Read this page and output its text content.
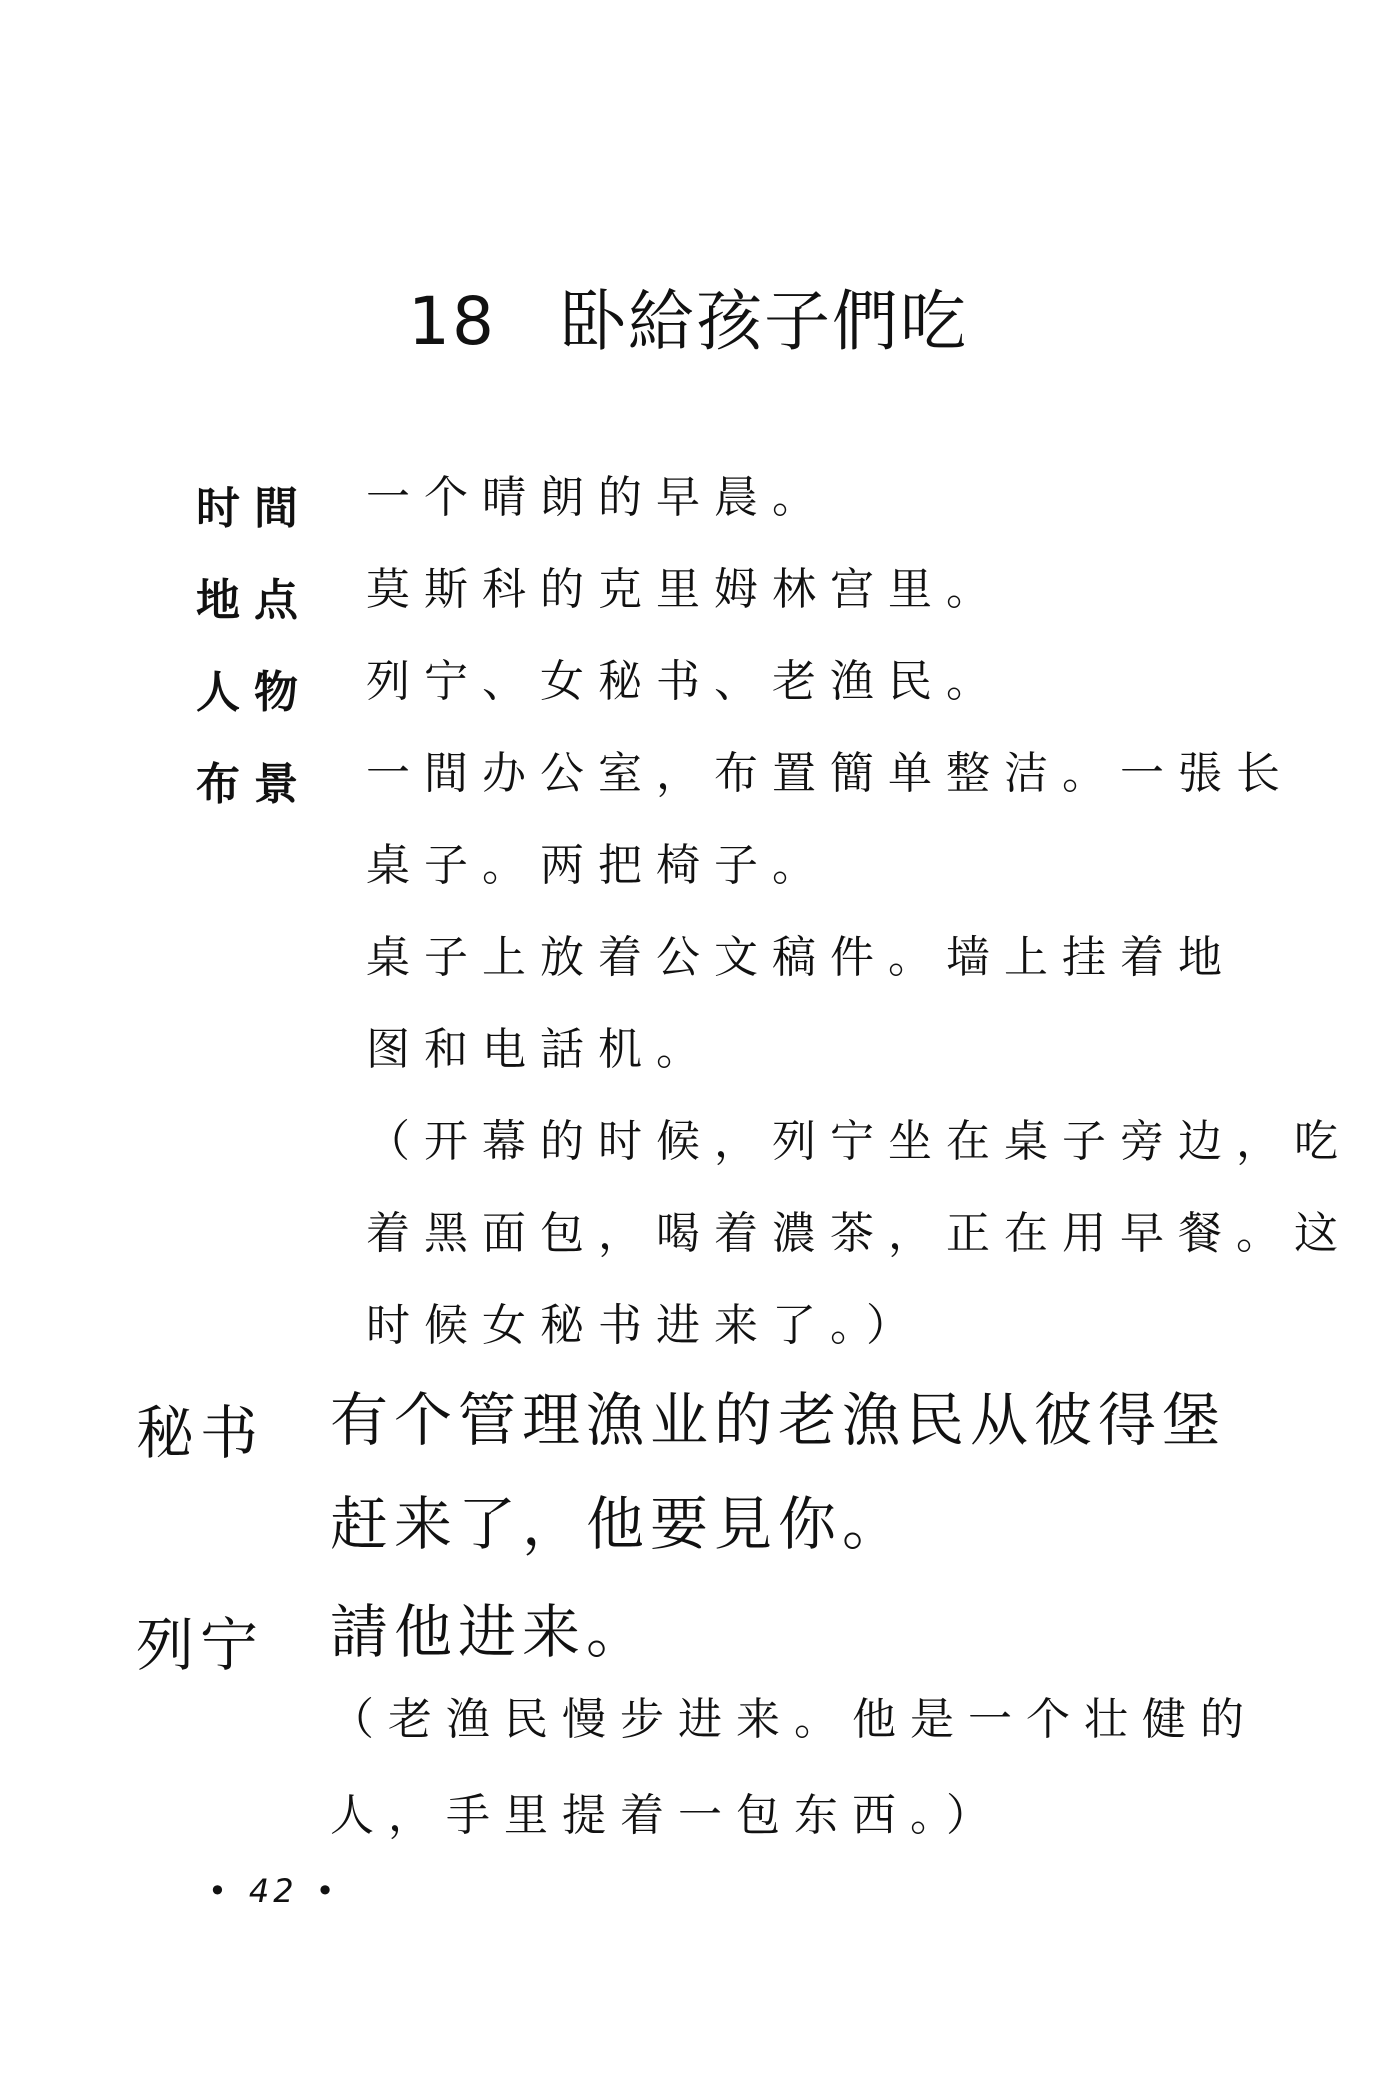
18 卧給孩子們吃
时間 一个晴朗的早晨。
地点 莫斯科的克里姆林宫里。
人物 列宁、女秘书、老渔民。
布景 一間办公室，布置簡单整洁。一張长
桌子。两把椅子。
桌子上放着公文稿件。墙上挂着地
图和电話机。
（开幕的时候，列宁坐在桌子旁边，吃
着黑面包，喝着濃茶，正在用早餐。这
时候女秘书进来了。）
秘书 有个管理漁业的老漁民从彼得堡
赶来了，他要見你。
列宁 請他进来。
（老渔民慢步进来。他是一个壮健的
人，手里提着一包东西。）
• 42 •
